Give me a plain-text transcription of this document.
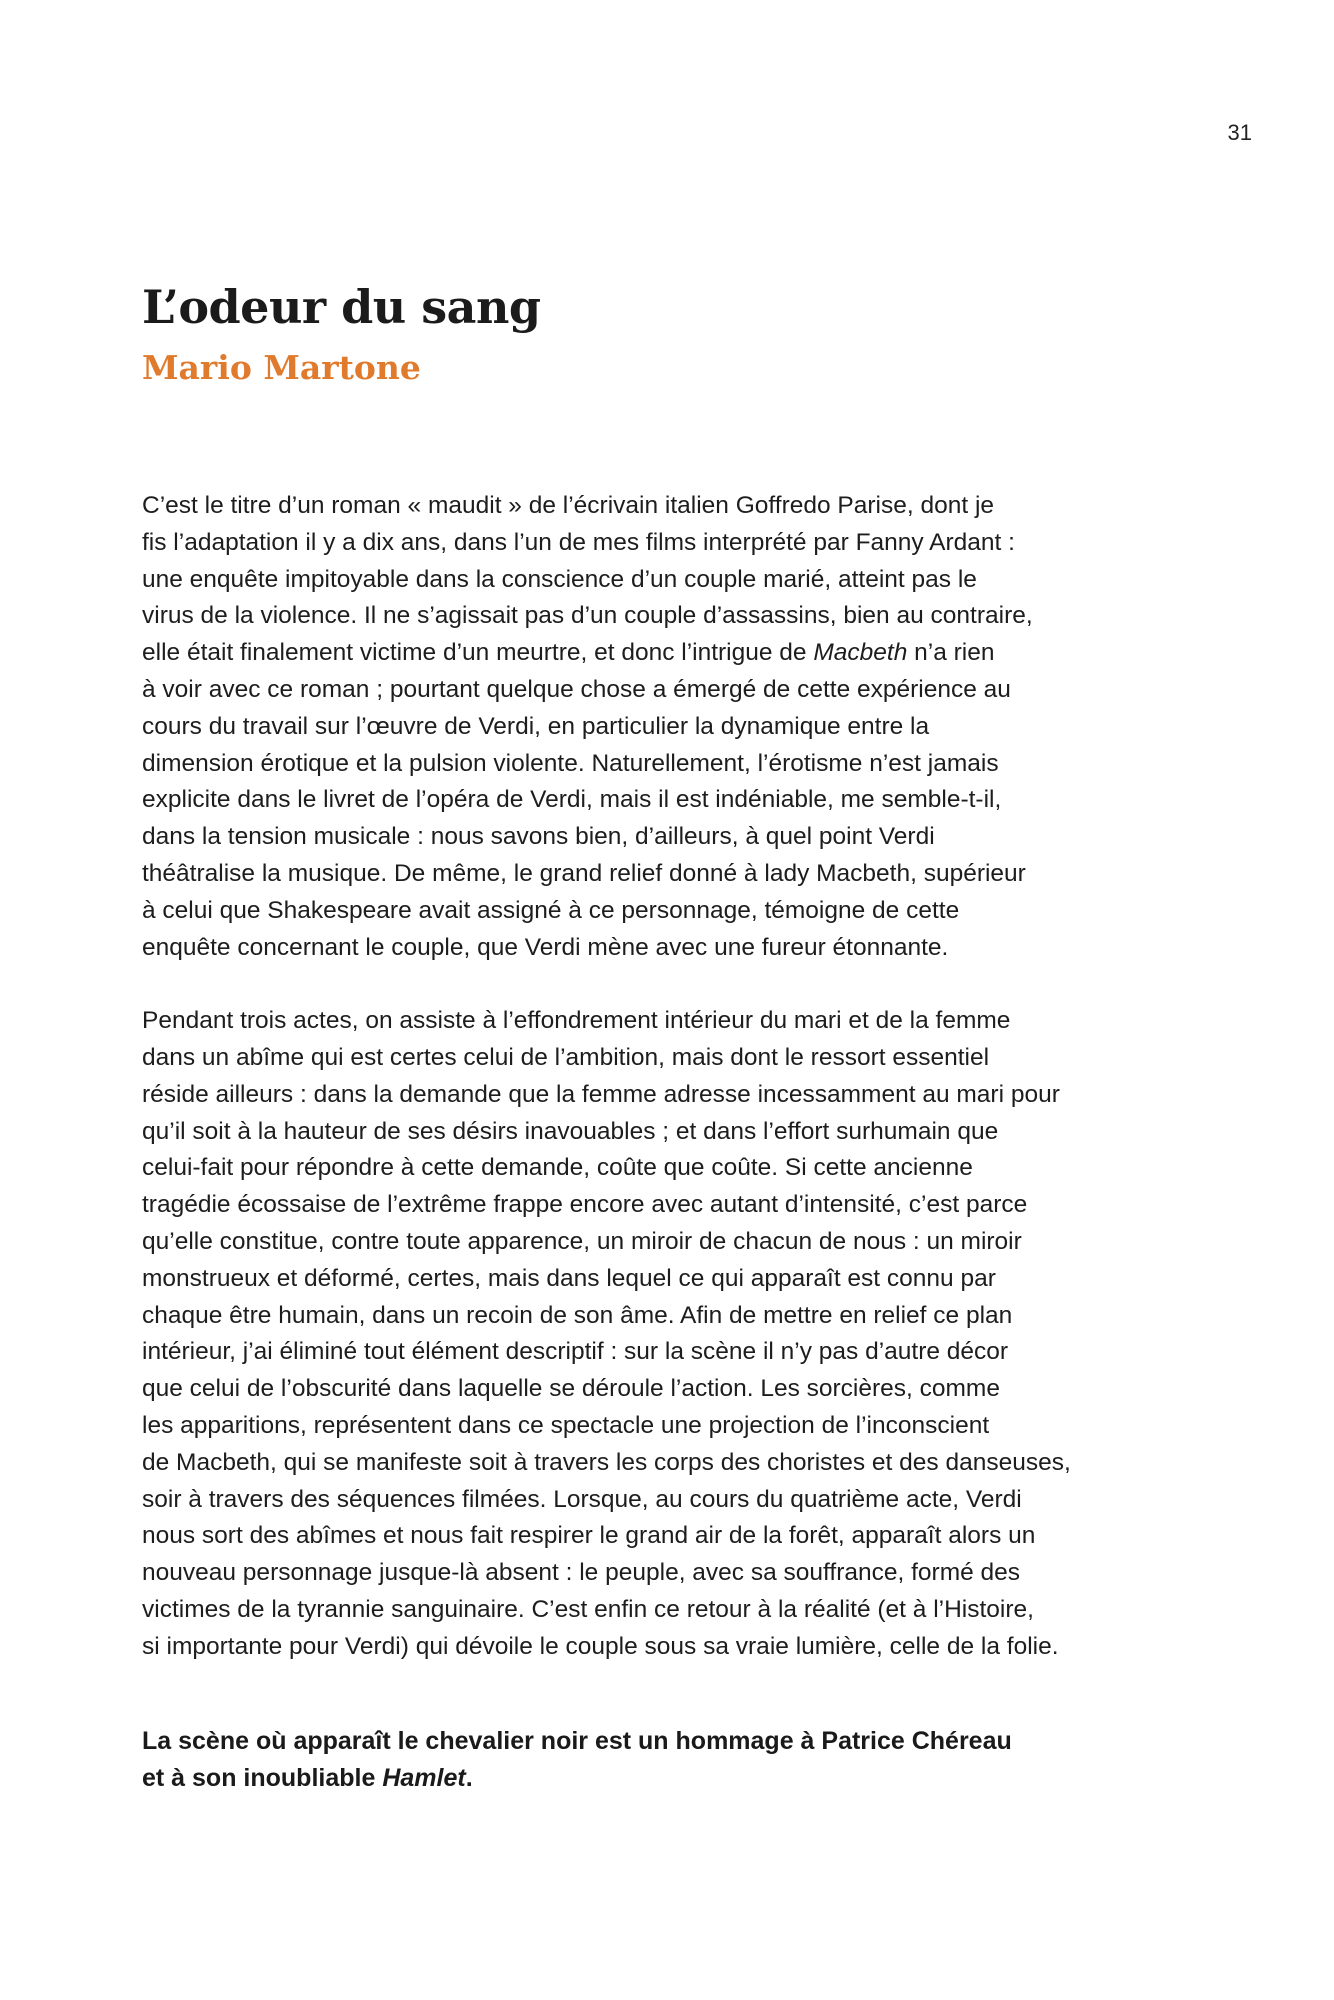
31
L’odeur du sang
Mario Martone

C’est le titre d’un roman « maudit » de l’écrivain italien Goffredo Parise, dont je
fis l’adaptation il y a dix ans, dans l’un de mes films interprété par Fanny Ardant :
une enquête impitoyable dans la conscience d’un couple marié, atteint pas le
virus de la violence. Il ne s’agissait pas d’un couple d’assassins, bien au contraire,
elle était finalement victime d’un meurtre, et donc l’intrigue de Macbeth n’a rien
à voir avec ce roman ; pourtant quelque chose a émergé de cette expérience au
cours du travail sur l’œuvre de Verdi, en particulier la dynamique entre la
dimension érotique et la pulsion violente. Naturellement, l’érotisme n’est jamais
explicite dans le livret de l’opéra de Verdi, mais il est indéniable, me semble-t-il,
dans la tension musicale : nous savons bien, d’ailleurs, à quel point Verdi
théâtralise la musique. De même, le grand relief donné à lady Macbeth, supérieur
à celui que Shakespeare avait assigné à ce personnage, témoigne de cette
enquête concernant le couple, que Verdi mène avec une fureur étonnante.

Pendant trois actes, on assiste à l’effondrement intérieur du mari et de la femme
dans un abîme qui est certes celui de l’ambition, mais dont le ressort essentiel
réside ailleurs : dans la demande que la femme adresse incessamment au mari pour
qu’il soit à la hauteur de ses désirs inavouables ; et dans l’effort surhumain que
celui-fait pour répondre à cette demande, coûte que coûte. Si cette ancienne
tragédie écossaise de l’extrême frappe encore avec autant d’intensité, c’est parce
qu’elle constitue, contre toute apparence, un miroir de chacun de nous : un miroir
monstrueux et déformé, certes, mais dans lequel ce qui apparaît est connu par
chaque être humain, dans un recoin de son âme. Afin de mettre en relief ce plan
intérieur, j’ai éliminé tout élément descriptif : sur la scène il n’y pas d’autre décor
que celui de l’obscurité dans laquelle se déroule l’action. Les sorcières, comme
les apparitions, représentent dans ce spectacle une projection de l’inconscient
de Macbeth, qui se manifeste soit à travers les corps des choristes et des danseuses,
soir à travers des séquences filmées. Lorsque, au cours du quatrième acte, Verdi
nous sort des abîmes et nous fait respirer le grand air de la forêt, apparaît alors un
nouveau personnage jusque-là absent : le peuple, avec sa souffrance, formé des
victimes de la tyrannie sanguinaire. C’est enfin ce retour à la réalité (et à l’Histoire,
si importante pour Verdi) qui dévoile le couple sous sa vraie lumière, celle de la folie.

La scène où apparaît le chevalier noir est un hommage à Patrice Chéreau
et à son inoubliable Hamlet.
